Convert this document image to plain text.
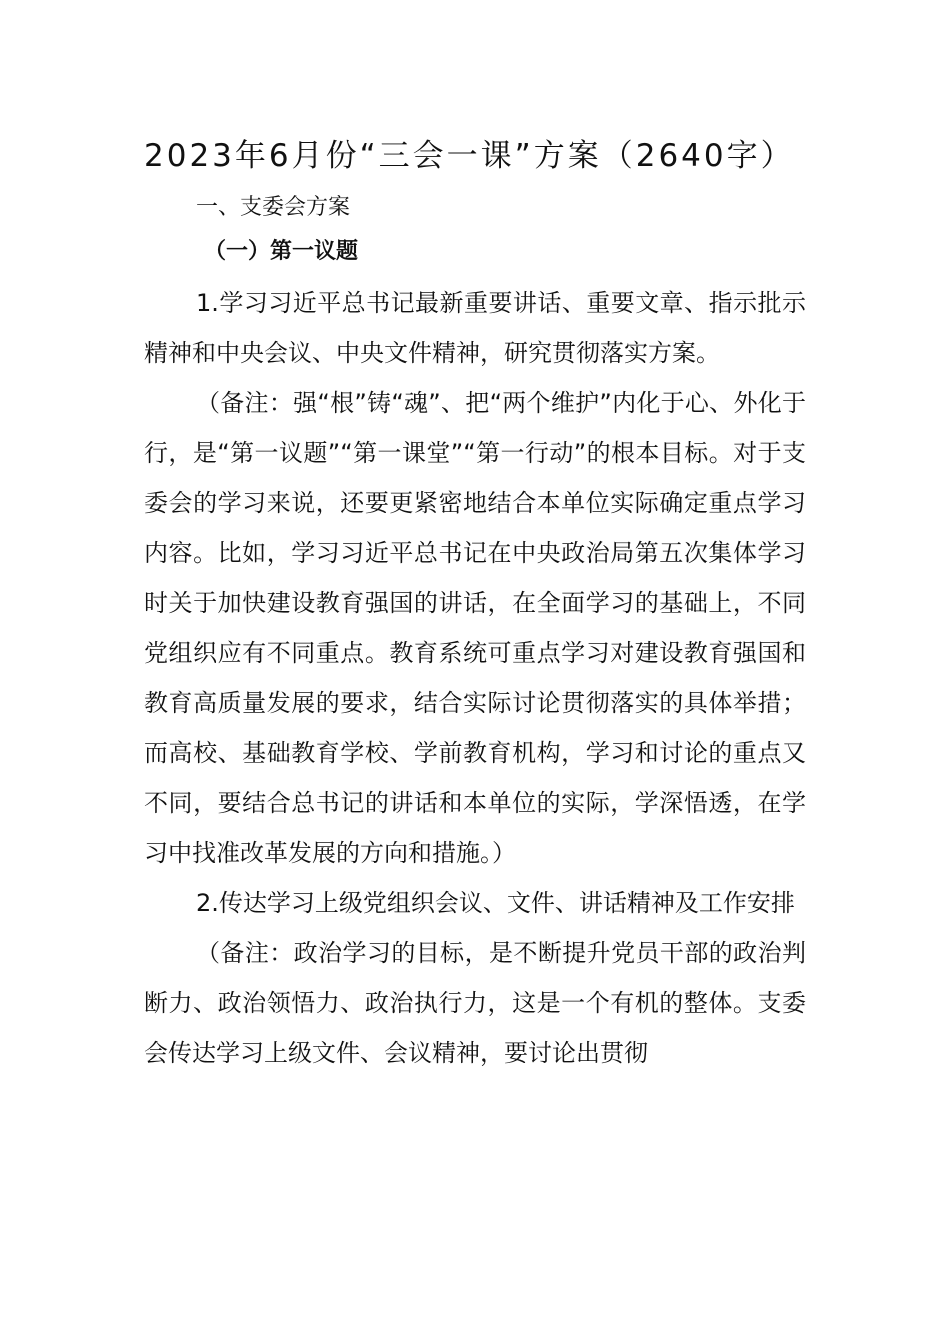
2023年6月份“三会一课”方案（2640字）

一、支委会方案

（一）第一议题

1.学习习近平总书记最新重要讲话、重要文章、指示批示精神和中央会议、中央文件精神，研究贯彻落实方案。

（备注：强“根”铸“魂”、把“两个维护”内化于心、外化于行，是“第一议题”“第一课堂”“第一行动”的根本目标。对于支委会的学习来说，还要更紧密地结合本单位实际确定重点学习内容。比如，学习习近平总书记在中央政治局第五次集体学习时关于加快建设教育强国的讲话，在全面学习的基础上，不同党组织应有不同重点。教育系统可重点学习对建设教育强国和教育高质量发展的要求，结合实际讨论贯彻落实的具体举措；而高校、基础教育学校、学前教育机构，学习和讨论的重点又不同，要结合总书记的讲话和本单位的实际，学深悟透，在学习中找准改革发展的方向和措施。）

2.传达学习上级党组织会议、文件、讲话精神及工作安排

（备注：政治学习的目标，是不断提升党员干部的政治判断力、政治领悟力、政治执行力，这是一个有机的整体。支委会传达学习上级文件、会议精神，要讨论出贯彻
